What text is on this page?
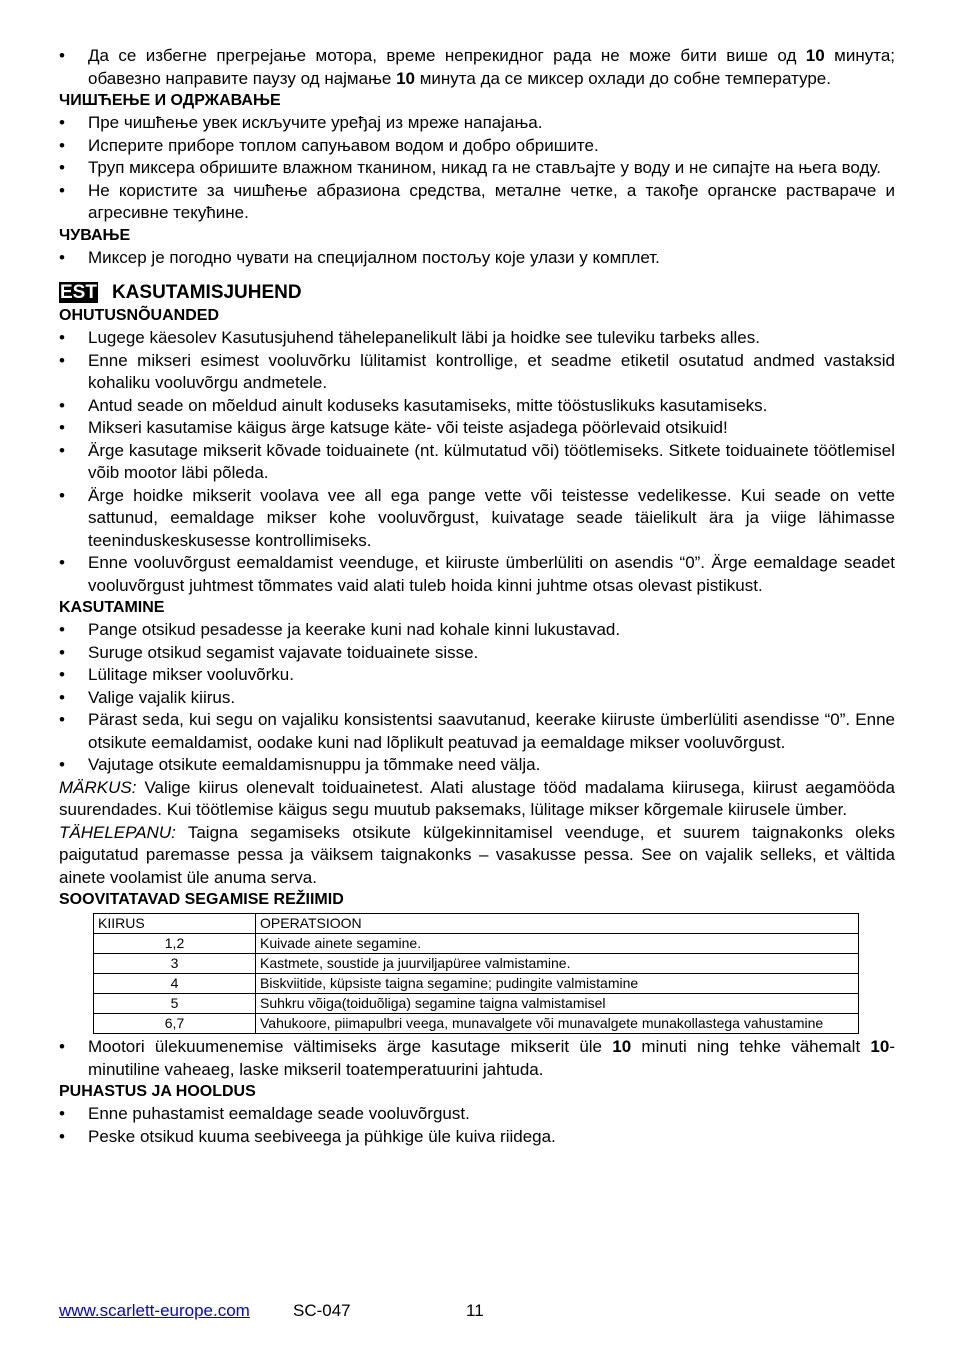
• Да се избегне прегрејање мотора, време непрекидног рада не може бити више од 10 минута; обавезно направите паузу од најмање 10 минута да се миксер охлади до собне температуре.
ЧИШЋЕЊЕ И ОДРЖАВАЊЕ
• Пре чишћење увек искључите уређај из мреже напајања.
• Исперите приборе топлом сапуњавом водом и добро обришите.
• Труп миксера обришите влажном тканином, никад га не стављајте у воду и не сипајте на њега воду.
• Не користите за чишћење абразиона средства, металне четке, а такође органске раствараче и агресивне текућине.
ЧУВАЊЕ
• Миксер је погодно чувати на специјалном постољу које улази у комплет.
EST KASUTAMISJUHEND
OHUTUSNÕUANDED
• Lugege käesolev Kasutusjuhend tähelepanelikult läbi ja hoidke see tuleviku tarbeks alles.
• Enne mikseri esimest vooluvõrku lülitamist kontrollige, et seadme etiketil osutatud andmed vastaksid kohaliku vooluvõrgu andmetele.
• Antud seade on mõeldud ainult koduseks kasutamiseks, mitte tööstuslikuks kasutamiseks.
• Mikseri kasutamise käigus ärge katsuge käte- või teiste asjadega pöörlevaid otsikuid!
• Ärge kasutage mikserit kõvade toiduainete (nt. külmutatud või) töötlemiseks. Sitkete toiduainete töötlemisel võib mootor läbi põleda.
• Ärge hoidke mikserit voolava vee all ega pange vette või teistesse vedelikesse. Kui seade on vette sattunud, eemaldage mikser kohe vooluvõrgust, kuivatage seade täielikult ära ja viige lähimasse teeninduskeskusesse kontrollimiseks.
• Enne vooluvõrgust eemaldamist veenduge, et kiiruste ümberlüliti on asendis “0”. Ärge eemaldage seadet vooluvõrgust juhtmest tõmmates vaid alati tuleb hoida kinni juhtme otsas olevast pistikust.
KASUTAMINE
• Pange otsikud pesadesse ja keerake kuni nad kohale kinni lukustavad.
• Suruge otsikud segamist vajavate toiduainete sisse.
• Lülitage mikser vooluvõrku.
• Valige vajalik kiirus.
• Pärast seda, kui segu on vajaliku konsistentsi saavutanud, keerake kiiruste ümberlüliti asendisse “0”. Enne otsikute eemaldamist, oodake kuni nad lõplikult peatuvad ja eemaldage mikser vooluvõrgust.
• Vajutage otsikute eemaldamisnuppu ja tõmmake need välja.

MÄRKUS: Valige kiirus olenevalt toiduainetest. Alati alustage tööd madalama kiirusega, kiirust aegamööda suurendades. Kui töötlemise käigus segu muutub paksemaks, lülitage mikser kõrgemale kiirusele ümber.

TÄHELEPANU: Taigna segamiseks otsikute külgekinnitamisel veenduge, et suurem taignakonks oleks paigutatud paremasse pessa ja väiksem taignakonks – vasakusse pessa. See on vajalik selleks, et vältida ainete voolamist üle anuma serva.

SOOVITATAVAD SEGAMISE REŽIIMID
KIIRUS	OPERATSIOON
1,2	Kuivade ainete segamine.
3	Kastmete, soustide ja juurviljapüree valmistamine.
4	Biskviitide, küpsiste taigna segamine; pudingite valmistamine
5	Suhkru võiga(toiduõliga) segamine taigna valmistamisel
6,7	Vahukoore, piimapulbri veega, munavalgete või munavalgete munakollastega vahustamine
• Mootori ülekuumenemise vältimiseks ärge kasutage mikserit üle 10 minuti ning tehke vähemalt 10-minutiline vaheaeg, laske mikseril toatemperatuurini jahtuda.
PUHASTUS JA HOOLDUS
• Enne puhastamist eemaldage seade vooluvõrgust.
• Peske otsikud kuuma seebiveega ja pühkige üle kuiva riidega.
www.scarlett-europe.com	SC-047	11
